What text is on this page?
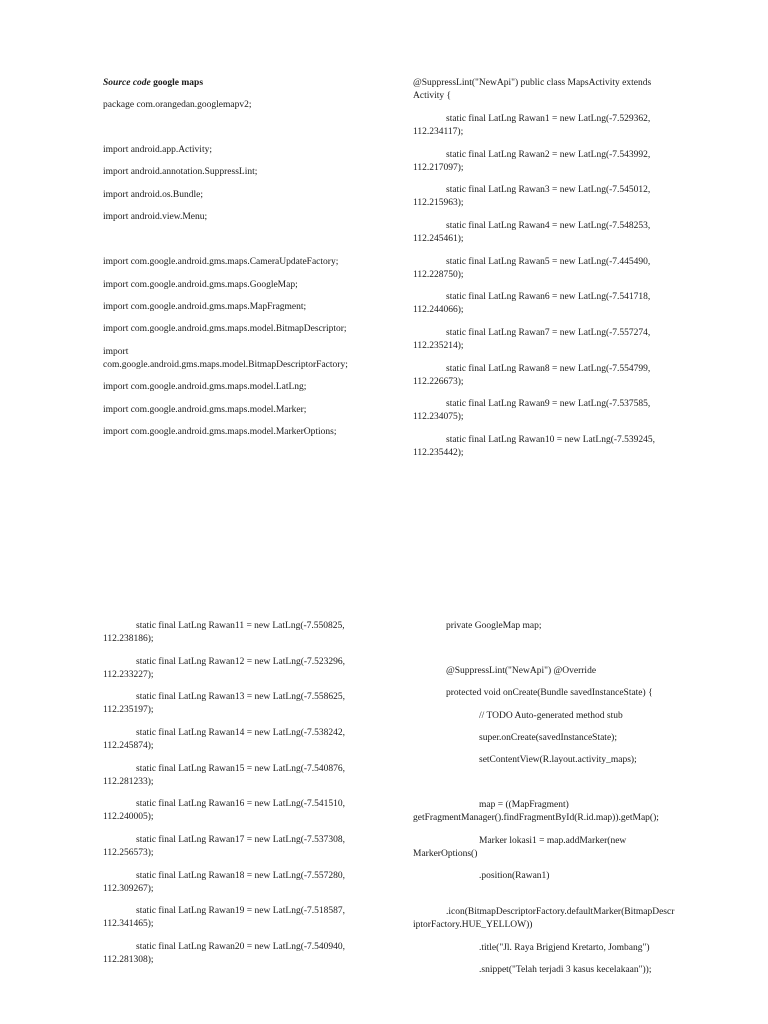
Source code google maps

package com.orangedan.googlemapv2;

import android.app.Activity;

import android.annotation.SuppressLint;

import android.os.Bundle;

import android.view.Menu;

import com.google.android.gms.maps.CameraUpdateFactory;

import com.google.android.gms.maps.GoogleMap;

import com.google.android.gms.maps.MapFragment;

import com.google.android.gms.maps.model.BitmapDescriptor;

import

com.google.android.gms.maps.model.BitmapDescriptorFactory;

import com.google.android.gms.maps.model.LatLng;

import com.google.android.gms.maps.model.Marker;

import com.google.android.gms.maps.model.MarkerOptions;

@SuppressLint("NewApi") public class MapsActivity extends

Activity {

static final LatLng Rawan1 = new LatLng(-7.529362,

112.234117);

static final LatLng Rawan2 = new LatLng(-7.543992,

112.217097);

static final LatLng Rawan3 = new LatLng(-7.545012,

112.215963);

static final LatLng Rawan4 = new LatLng(-7.548253,

112.245461);

static final LatLng Rawan5 = new LatLng(-7.445490,

112.228750);

static final LatLng Rawan6 = new LatLng(-7.541718,

112.244066);

static final LatLng Rawan7 = new LatLng(-7.557274,

112.235214);

static final LatLng Rawan8 = new LatLng(-7.554799,

112.226673);

static final LatLng Rawan9 = new LatLng(-7.537585,

112.234075);

static final LatLng Rawan10 = new LatLng(-7.539245,

112.235442);

static final LatLng Rawan11 = new LatLng(-7.550825,

112.238186);

static final LatLng Rawan12 = new LatLng(-7.523296,

112.233227);

static final LatLng Rawan13 = new LatLng(-7.558625,

112.235197);

static final LatLng Rawan14 = new LatLng(-7.538242,

112.245874);

static final LatLng Rawan15 = new LatLng(-7.540876,

112.281233);

static final LatLng Rawan16 = new LatLng(-7.541510,

112.240005);

static final LatLng Rawan17 = new LatLng(-7.537308,

112.256573);

static final LatLng Rawan18 = new LatLng(-7.557280,

112.309267);

static final LatLng Rawan19 = new LatLng(-7.518587,

112.341465);

static final LatLng Rawan20 = new LatLng(-7.540940,

112.281308);

private GoogleMap map;

@SuppressLint("NewApi") @Override

protected void onCreate(Bundle savedInstanceState) {

// TODO Auto-generated method stub

super.onCreate(savedInstanceState);

setContentView(R.layout.activity_maps);

map = ((MapFragment)

getFragmentManager().findFragmentById(R.id.map)).getMap();

Marker lokasi1 = map.addMarker(new

MarkerOptions()

.position(Rawan1)

.icon(BitmapDescriptorFactory.defaultMarker(BitmapDescr

iptorFactory.HUE_YELLOW))

.title("Jl. Raya Brigjend Kretarto, Jombang")

.snippet("Telah terjadi 3 kasus kecelakaan"));
